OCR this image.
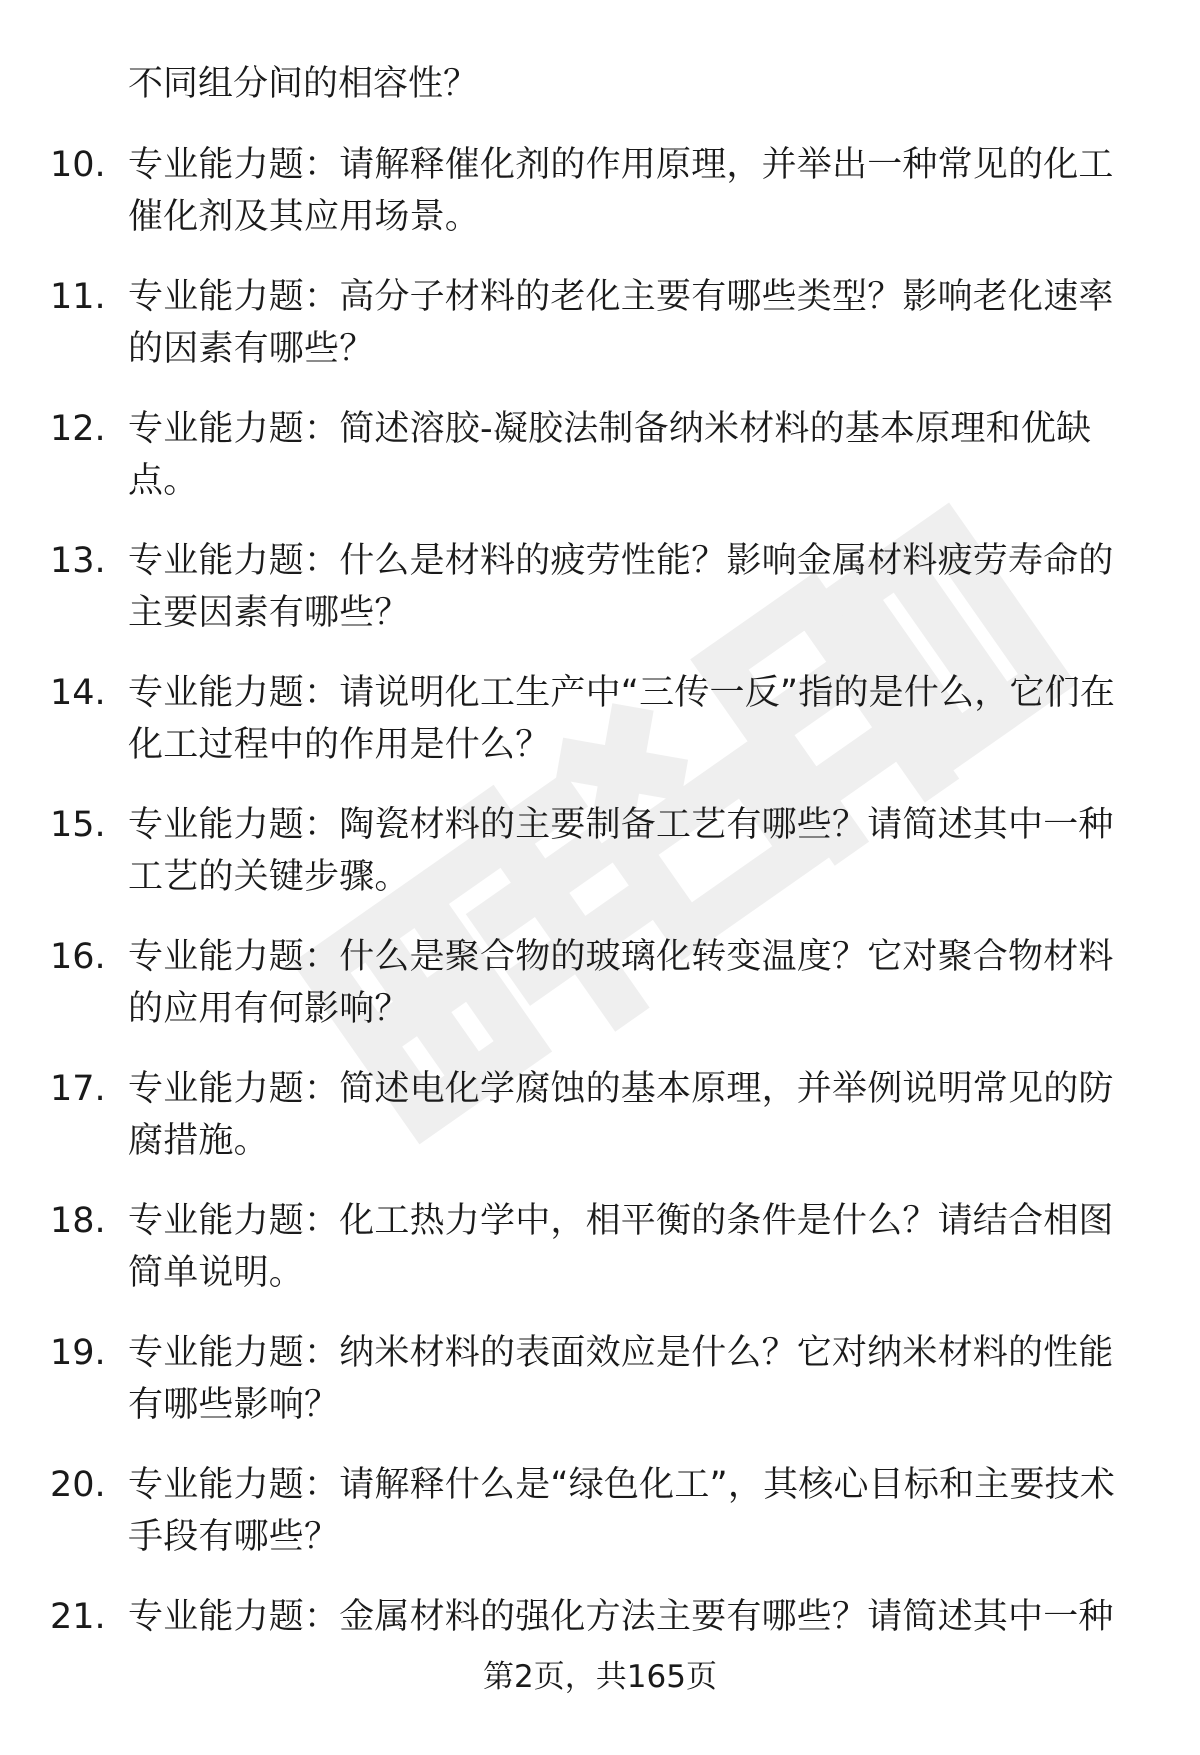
不同组分间的相容性？
10. 专业能力题：请解释催化剂的作用原理，并举出一种常见的化工催化剂及其应用场景。
11. 专业能力题：高分子材料的老化主要有哪些类型？影响老化速率的因素有哪些？
12. 专业能力题：简述溶胶-凝胶法制备纳米材料的基本原理和优缺点。
13. 专业能力题：什么是材料的疲劳性能？影响金属材料疲劳寿命的主要因素有哪些？
14. 专业能力题：请说明化工生产中“三传一反”指的是什么，它们在化工过程中的作用是什么？
15. 专业能力题：陶瓷材料的主要制备工艺有哪些？请简述其中一种工艺的关键步骤。
16. 专业能力题：什么是聚合物的玻璃化转变温度？它对聚合物材料的应用有何影响？
17. 专业能力题：简述电化学腐蚀的基本原理，并举例说明常见的防腐措施。
18. 专业能力题：化工热力学中，相平衡的条件是什么？请结合相图简单说明。
19. 专业能力题：纳米材料的表面效应是什么？它对纳米材料的性能有哪些影响？
20. 专业能力题：请解释什么是“绿色化工”，其核心目标和主要技术手段有哪些？
21. 专业能力题：金属材料的强化方法主要有哪些？请简述其中一种
第2页，共165页
